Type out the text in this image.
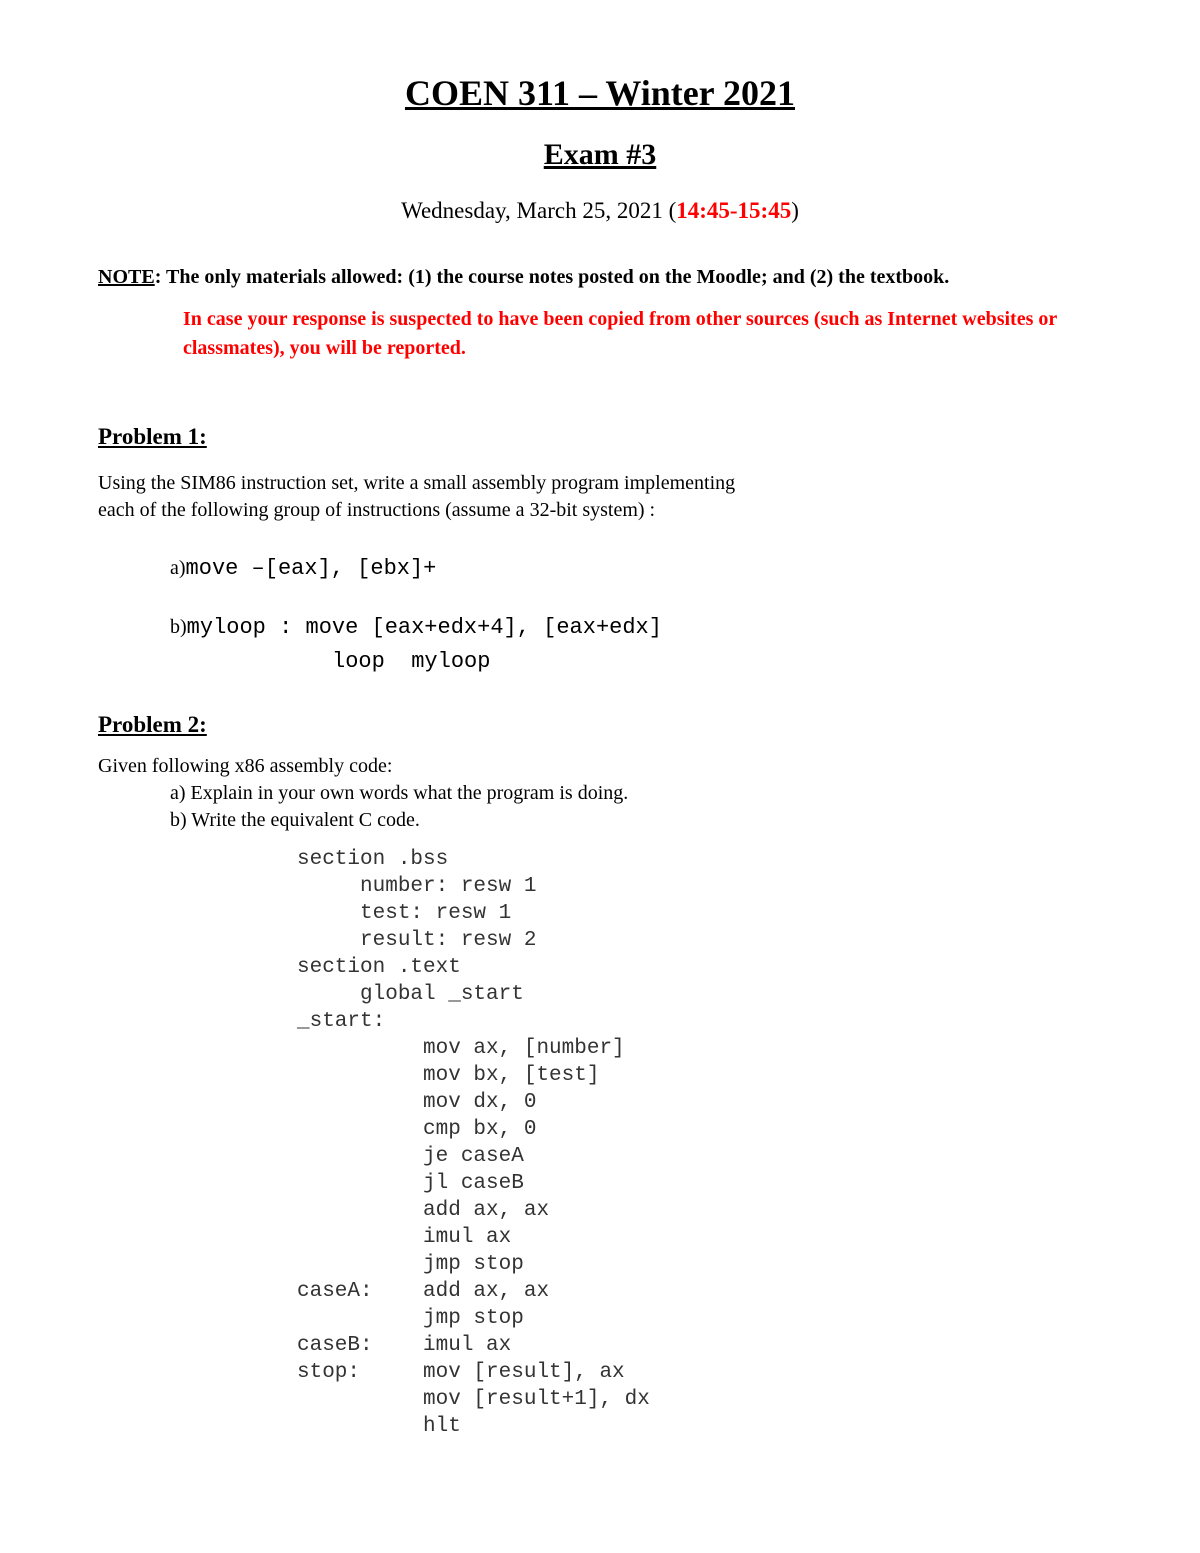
COEN 311 – Winter 2021
Exam #3
Wednesday, March 25, 2021 (14:45-15:45)
NOTE: The only materials allowed: (1) the course notes posted on the Moodle; and (2) the textbook.
In case your response is suspected to have been copied from other sources (such as Internet websites or classmates), you will be reported.
Problem 1:
Using the SIM86 instruction set, write a small assembly program implementing
each of the following group of instructions (assume a 32-bit system) :
a)move –[eax], [ebx]+
b)myloop : move [eax+edx+4], [eax+edx]
loop  myloop
Problem 2:
Given following x86 assembly code:
a) Explain in your own words what the program is doing.
b) Write the equivalent C code.
section .bss
number: resw 1
test: resw 1
result: resw 2
section .text
global _start
_start:
mov ax, [number]
mov bx, [test]
mov dx, 0
cmp bx, 0
je caseA
jl caseB
add ax, ax
imul ax
jmp stop
caseA:    add ax, ax
jmp stop
caseB:    imul ax
stop:     mov [result], ax
mov [result+1], dx
hlt
